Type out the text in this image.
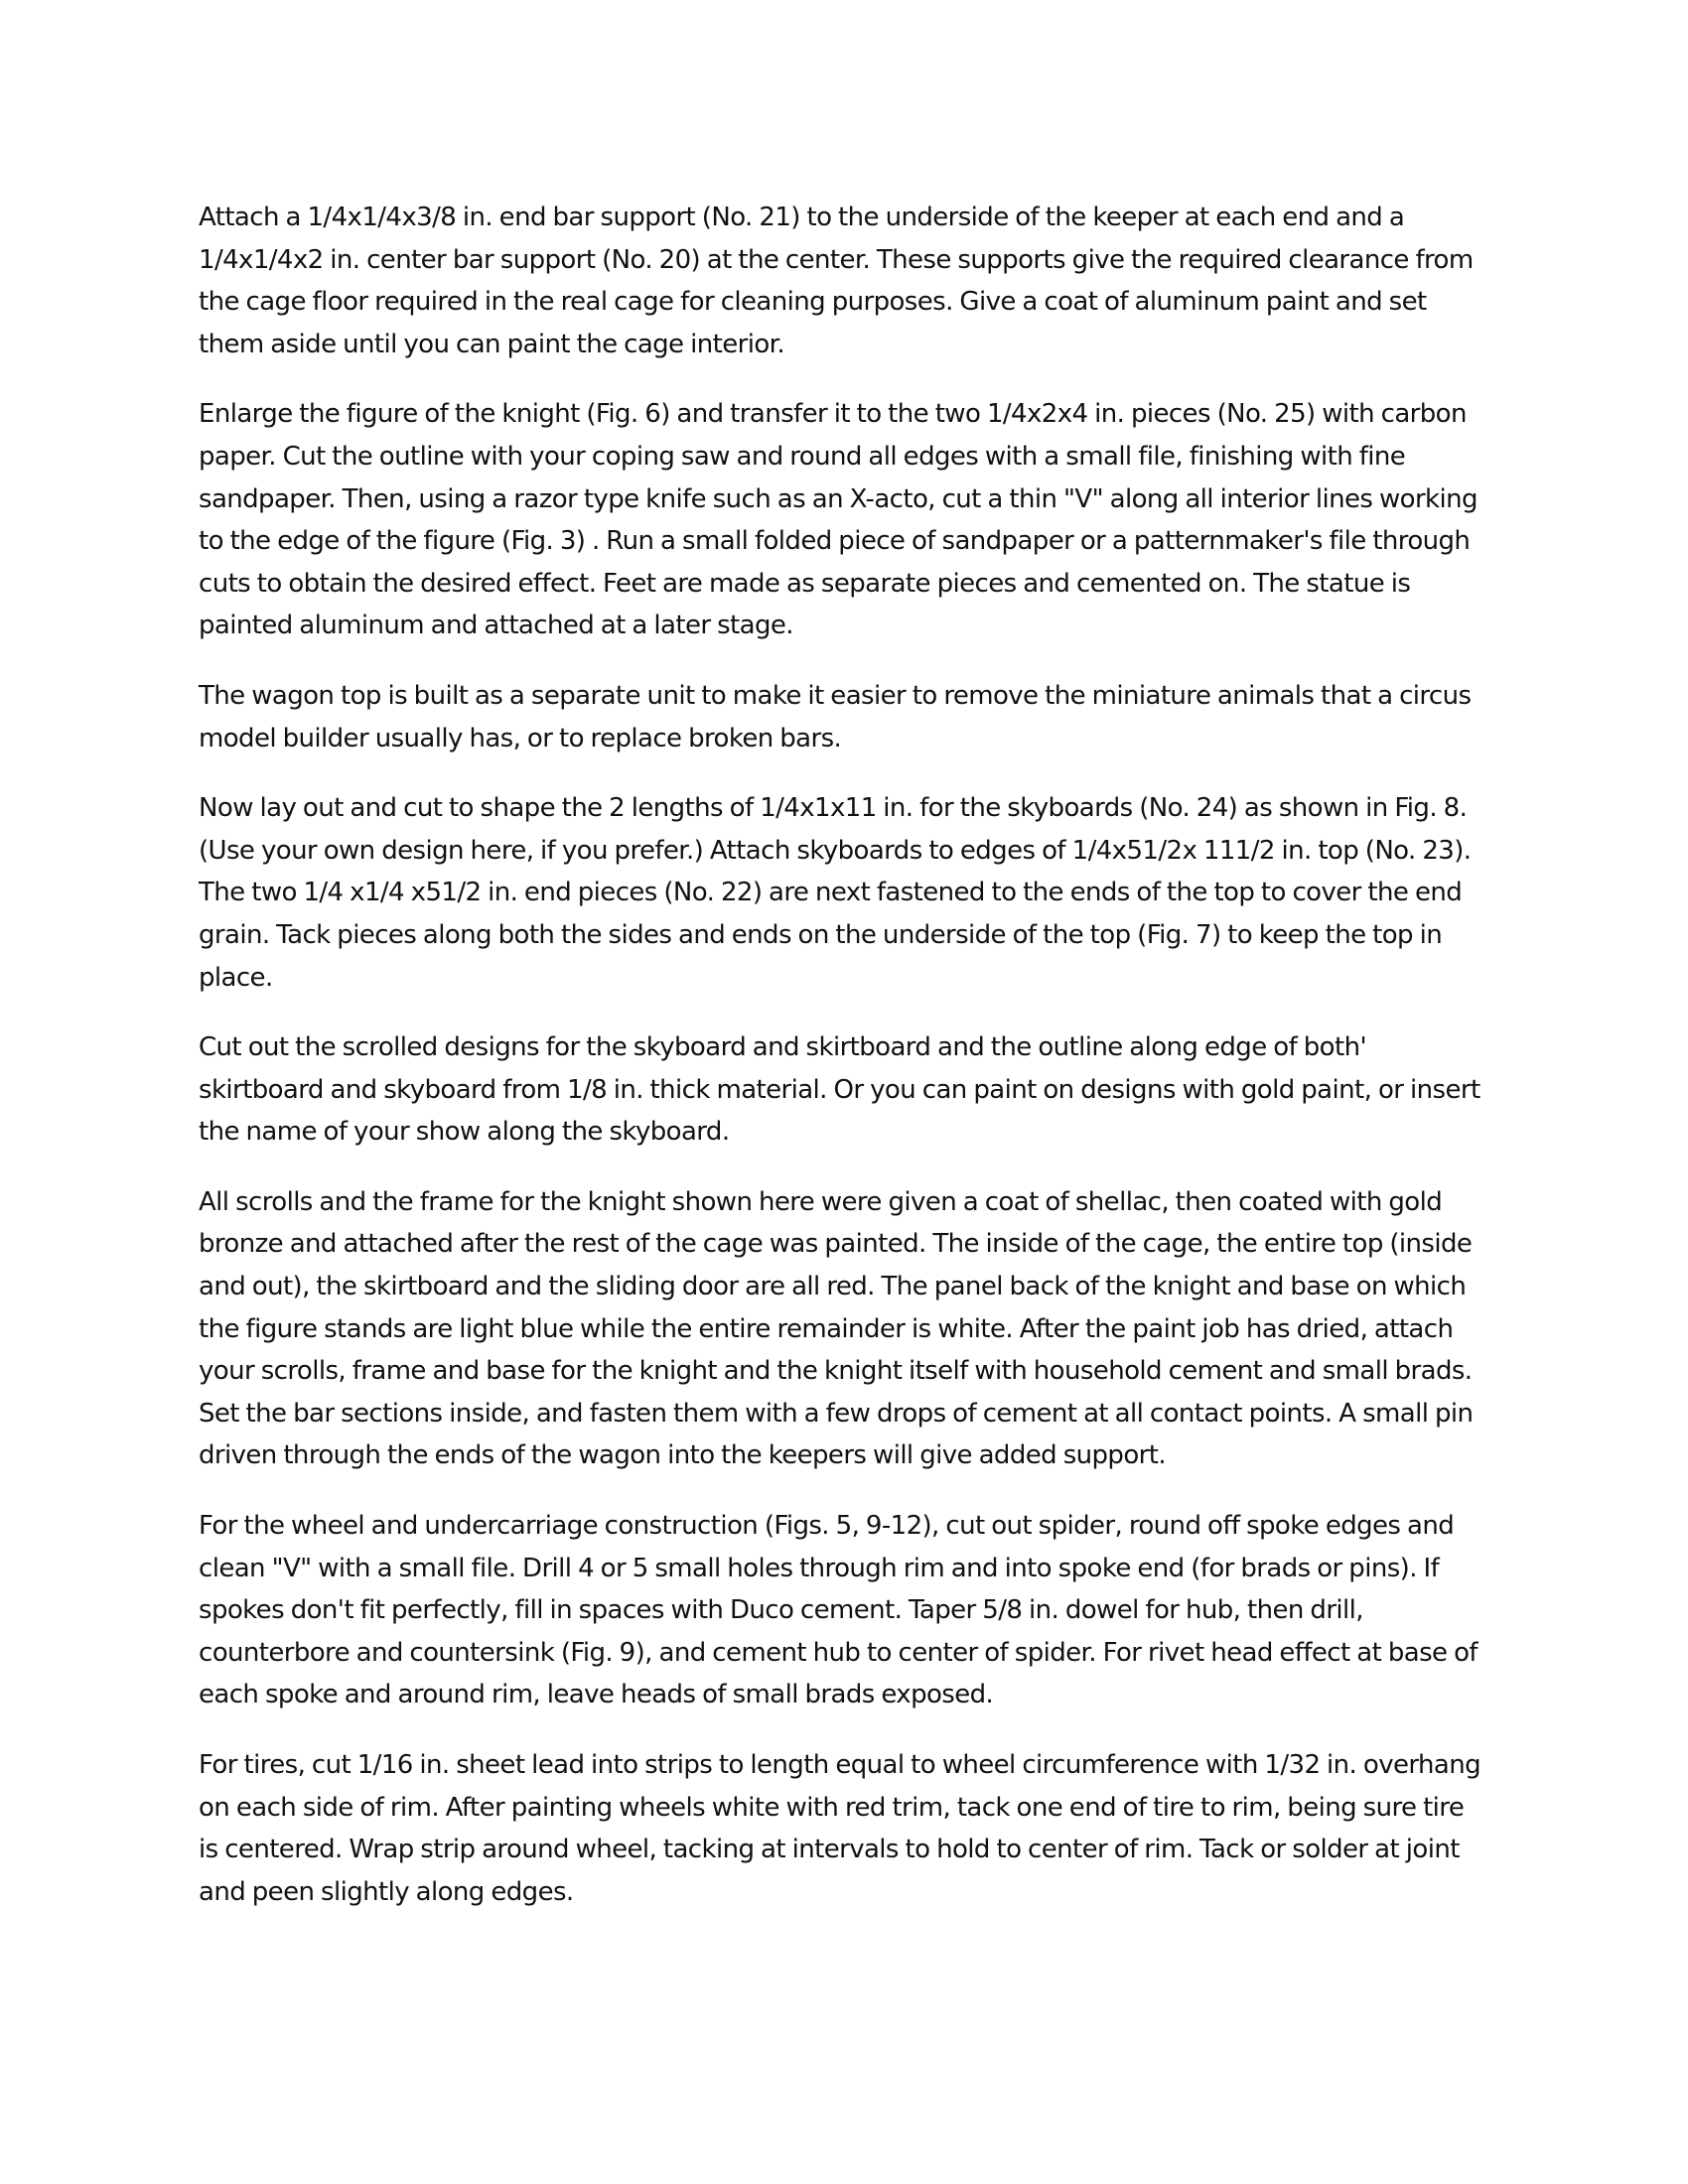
Attach a 1/4x1/4x3/8 in. end bar support (No. 21) to the underside of the keeper at each end and a 1/4x1/4x2 in. center bar support (No. 20) at the center. These supports give the required clearance from the cage floor required in the real cage for cleaning purposes. Give a coat of aluminum paint and set them aside until you can paint the cage interior.

Enlarge the figure of the knight (Fig. 6) and transfer it to the two 1/4x2x4 in. pieces (No. 25) with carbon paper. Cut the outline with your coping saw and round all edges with a small file, finishing with fine sandpaper. Then, using a razor type knife such as an X-acto, cut a thin "V" along all interior lines working to the edge of the figure (Fig. 3) . Run a small folded piece of sandpaper or a patternmaker's file through cuts to obtain the desired effect. Feet are made as separate pieces and cemented on. The statue is painted aluminum and attached at a later stage.

The wagon top is built as a separate unit to make it easier to remove the miniature animals that a circus model builder usually has, or to replace broken bars.

Now lay out and cut to shape the 2 lengths of 1/4x1x11 in. for the skyboards (No. 24) as shown in Fig. 8. (Use your own design here, if you prefer.) Attach skyboards to edges of 1/4x51/2x 111/2 in. top (No. 23). The two 1/4 x1/4 x51/2 in. end pieces (No. 22) are next fastened to the ends of the top to cover the end grain. Tack pieces along both the sides and ends on the underside of the top (Fig. 7) to keep the top in place.

Cut out the scrolled designs for the skyboard and skirtboard and the outline along edge of both' skirtboard and skyboard from 1/8 in. thick material. Or you can paint on designs with gold paint, or insert the name of your show along the skyboard.

All scrolls and the frame for the knight shown here were given a coat of shellac, then coated with gold bronze and attached after the rest of the cage was painted. The inside of the cage, the entire top (inside and out), the skirtboard and the sliding door are all red. The panel back of the knight and base on which the figure stands are light blue while the entire remainder is white. After the paint job has dried, attach your scrolls, frame and base for the knight and the knight itself with household cement and small brads. Set the bar sections inside, and fasten them with a few drops of cement at all contact points. A small pin driven through the ends of the wagon into the keepers will give added support.

For the wheel and undercarriage construction (Figs. 5, 9-12), cut out spider, round off spoke edges and clean "V" with a small file. Drill 4 or 5 small holes through rim and into spoke end (for brads or pins). If spokes don't fit perfectly, fill in spaces with Duco cement. Taper 5/8 in. dowel for hub, then drill, counterbore and countersink (Fig. 9), and cement hub to center of spider. For rivet head effect at base of each spoke and around rim, leave heads of small brads exposed.

For tires, cut 1/16 in. sheet lead into strips to length equal to wheel circumference with 1/32 in. overhang on each side of rim. After painting wheels white with red trim, tack one end of tire to rim, being sure tire is centered. Wrap strip around wheel, tacking at intervals to hold to center of rim. Tack or solder at joint and peen slightly along edges.
